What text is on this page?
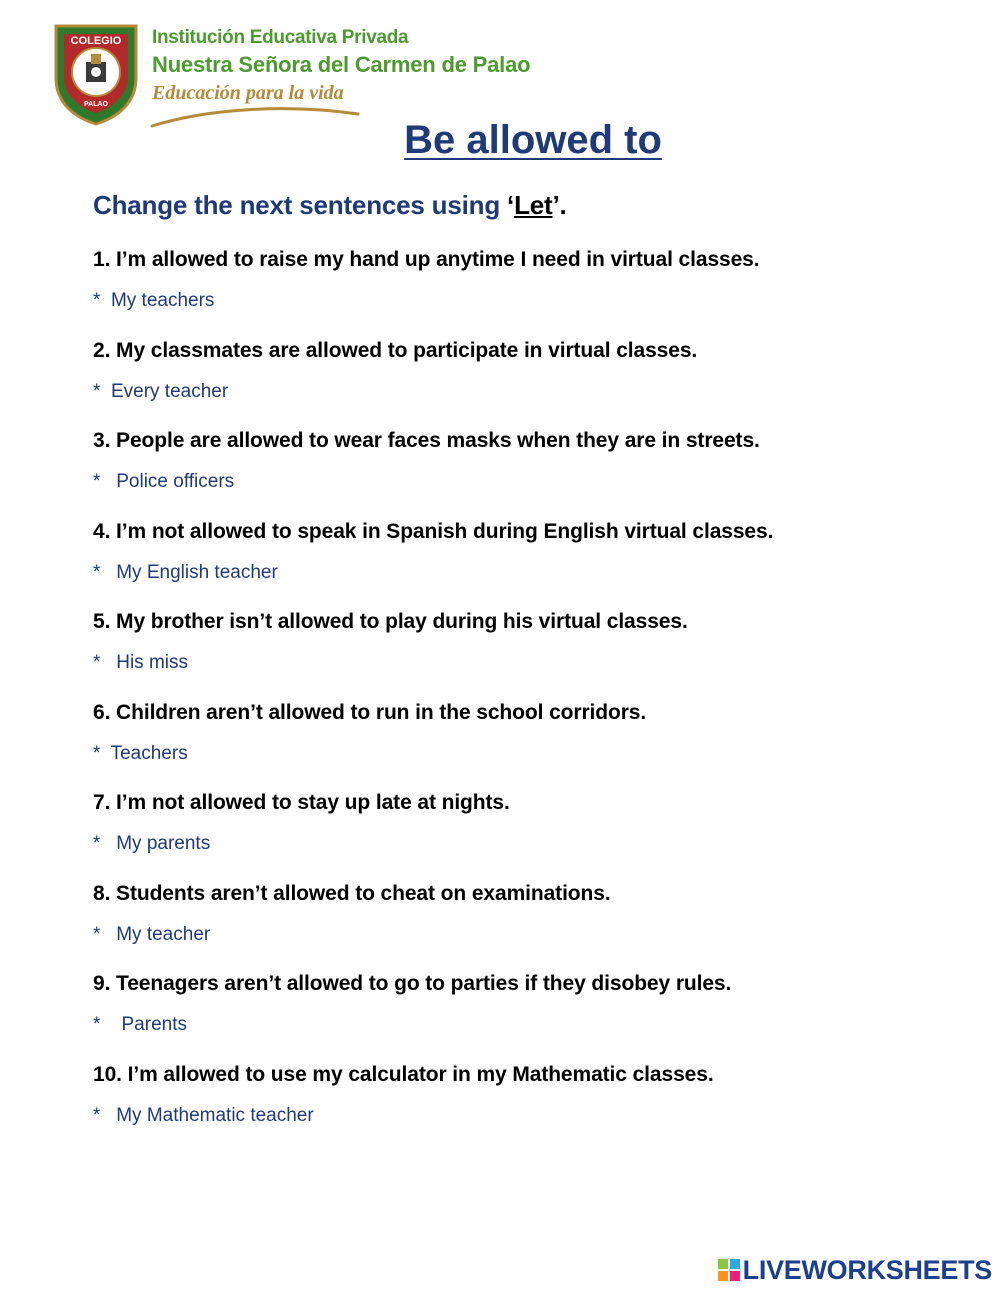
COLEGIO
PALAO
Institución Educativa Privada
Nuestra Señora del Carmen de Palao
Educación para la vida
Be allowed to
Change the next sentences using ‘Let’.
1. I’m allowed to raise my hand up anytime I need in virtual classes.
*  My teachers
2. My classmates are allowed to participate in virtual classes.
*  Every teacher
3. People are allowed to wear faces masks when they are in streets.
*   Police officers
4. I’m not allowed to speak in Spanish during English virtual classes.
*   My English teacher
5. My brother isn’t allowed to play during his virtual classes.
*   His miss
6. Children aren’t allowed to run in the school corridors.
*  Teachers
7. I’m not allowed to stay up late at nights.
*   My parents
8. Students aren’t allowed to cheat on examinations.
*   My teacher
9. Teenagers aren’t allowed to go to parties if they disobey rules.
*    Parents
10. I’m allowed to use my calculator in my Mathematic classes.
*   My Mathematic teacher
LIVEWORKSHEETS
